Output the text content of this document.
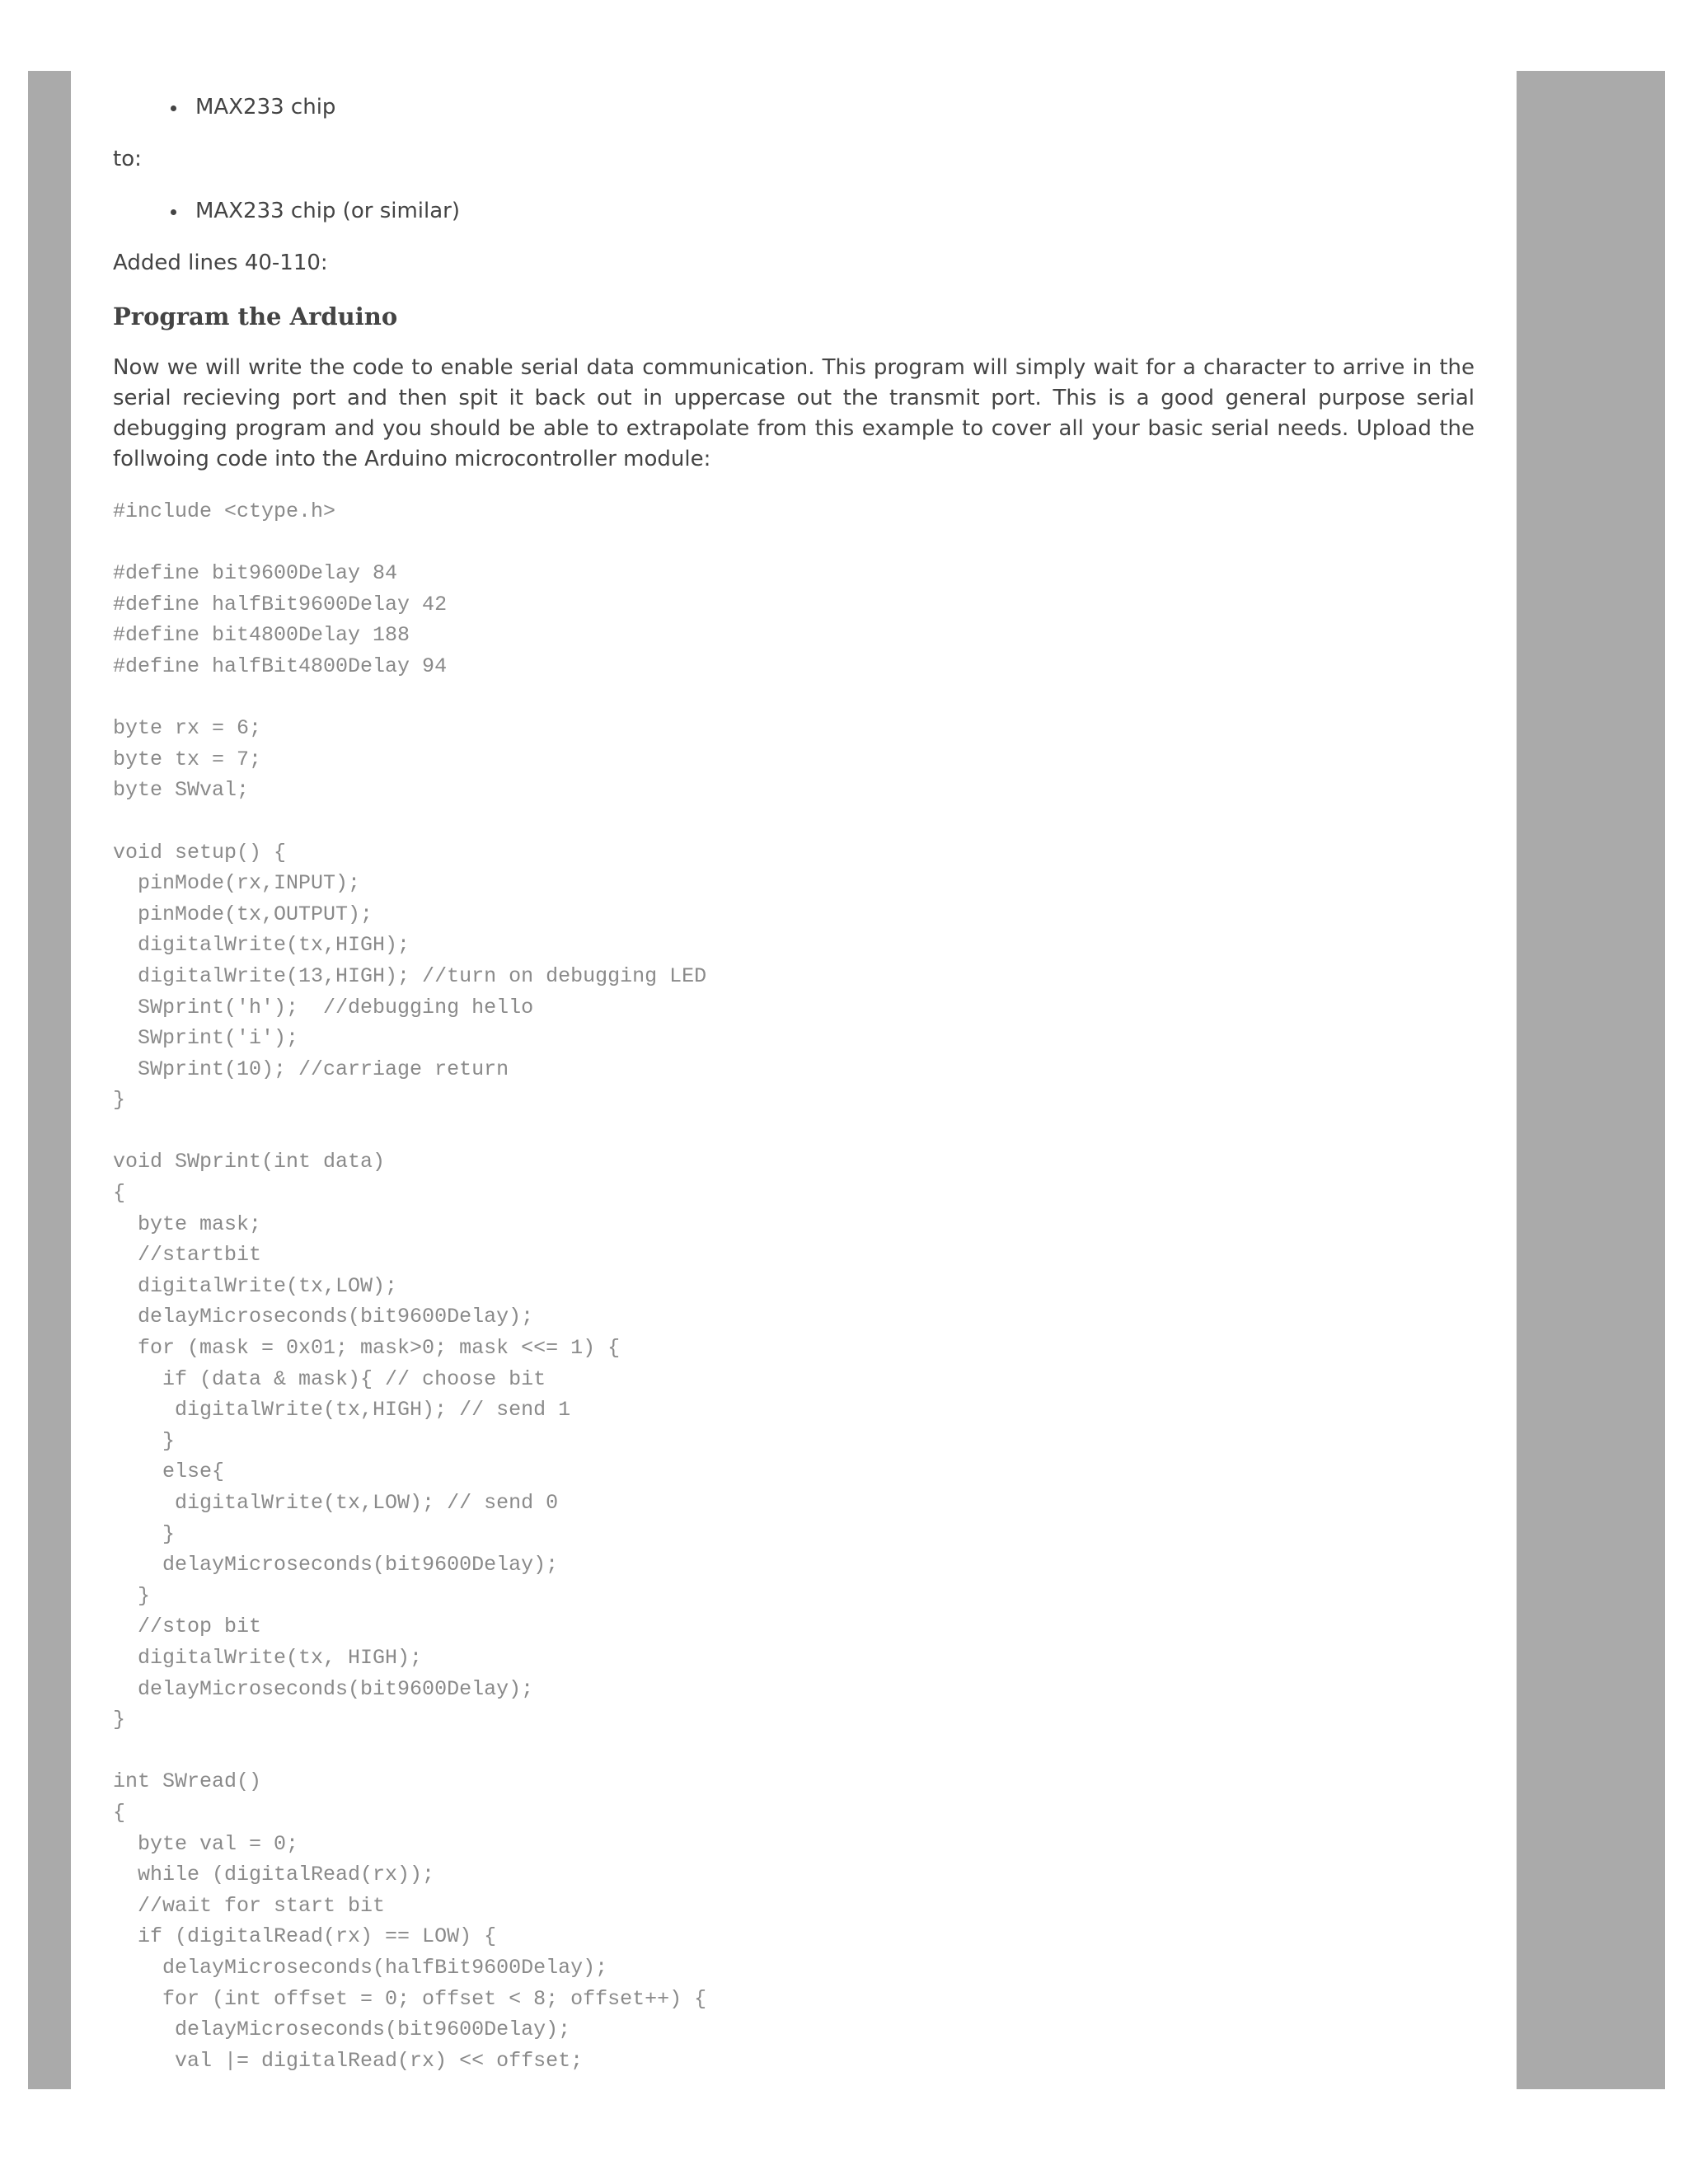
MAX233 chip

to:

MAX233 chip (or similar)

Added lines 40-110:

Program the Arduino

Now we will write the code to enable serial data communication. This program will simply wait for a character to arrive in the serial recieving port and then spit it back out in uppercase out the transmit port. This is a good general purpose serial debugging program and you should be able to extrapolate from this example to cover all your basic serial needs. Upload the follwoing code into the Arduino microcontroller module:

#include <ctype.h>

#define bit9600Delay 84
#define halfBit9600Delay 42
#define bit4800Delay 188
#define halfBit4800Delay 94

byte rx = 6;
byte tx = 7;
byte SWval;

void setup() {
pinMode(rx,INPUT);
pinMode(tx,OUTPUT);
digitalWrite(tx,HIGH);
digitalWrite(13,HIGH); //turn on debugging LED
SWprint('h');  //debugging hello
SWprint('i');
SWprint(10); //carriage return
}

void SWprint(int data)
{
byte mask;
//startbit
digitalWrite(tx,LOW);
delayMicroseconds(bit9600Delay);
for (mask = 0x01; mask>0; mask <<= 1) {
if (data & mask){ // choose bit
digitalWrite(tx,HIGH); // send 1
}
else{
digitalWrite(tx,LOW); // send 0
}
delayMicroseconds(bit9600Delay);
}
//stop bit
digitalWrite(tx, HIGH);
delayMicroseconds(bit9600Delay);
}

int SWread()
{
byte val = 0;
while (digitalRead(rx));
//wait for start bit
if (digitalRead(rx) == LOW) {
delayMicroseconds(halfBit9600Delay);
for (int offset = 0; offset < 8; offset++) {
delayMicroseconds(bit9600Delay);
val |= digitalRead(rx) << offset;
